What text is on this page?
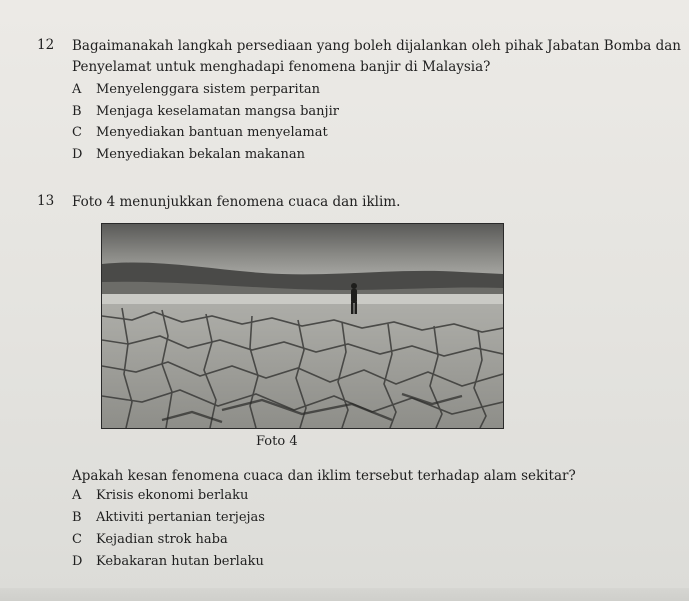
12 Bagaimanakah langkah persediaan yang boleh dijalankan oleh pihak Jabatan Bomba dan
Penyelamat untuk menghadapi fenomena banjir di Malaysia?
A Menyelenggara sistem perparitan
B Menjaga keselamatan mangsa banjir
C Menyediakan bantuan menyelamat
D Menyediakan bekalan makanan
13 Foto 4 menunjukkan fenomena cuaca dan iklim.
Foto 4
Apakah kesan fenomena cuaca dan iklim tersebut terhadap alam sekitar?
A Krisis ekonomi berlaku
B Aktiviti pertanian terjejas
C Kejadian strok haba
D Kebakaran hutan berlaku
